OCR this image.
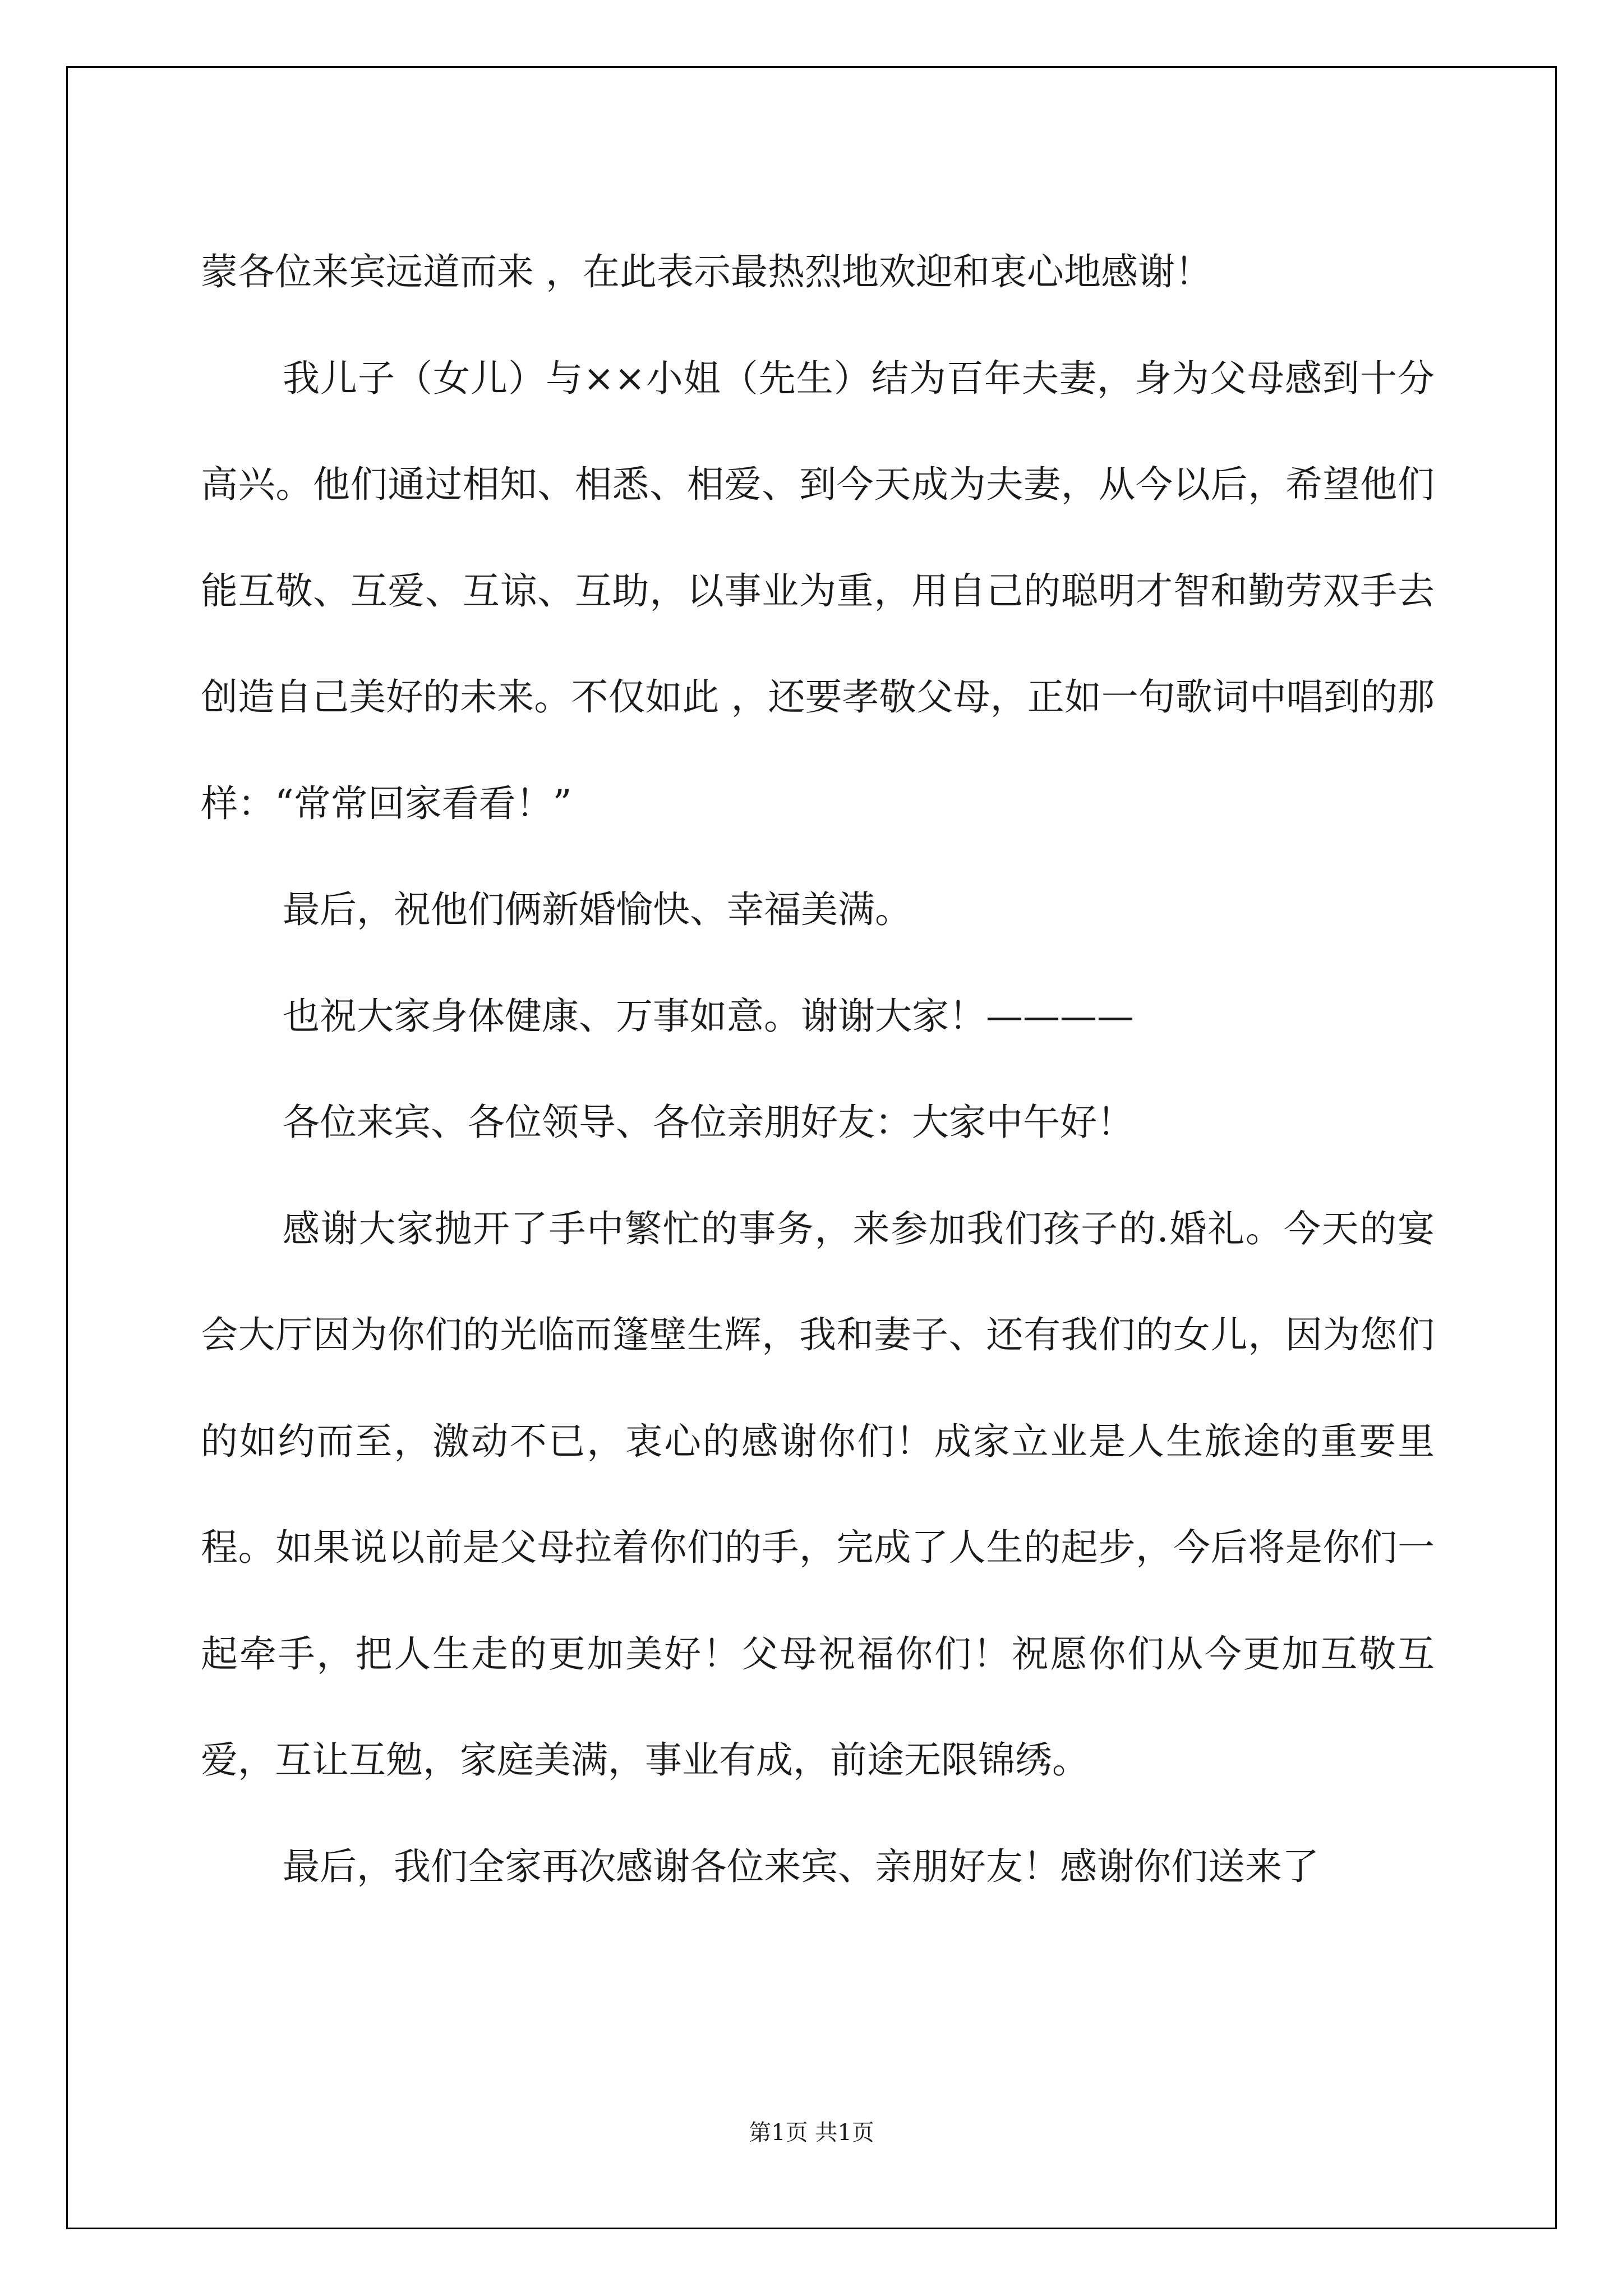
蒙各位来宾远道而来 ，在此表示最热烈地欢迎和衷心地感谢！

我儿子（女儿）与××小姐（先生）结为百年夫妻，身为父母感到十分高兴。他们通过相知、相悉、相爱、到今天成为夫妻，从今以后，希望他们能互敬、互爱、互谅、互助，以事业为重，用自己的聪明才智和勤劳双手去创造自己美好的未来。不仅如此 ，还要孝敬父母，正如一句歌词中唱到的那样：“常常回家看看！”

最后，祝他们俩新婚愉快、幸福美满。

也祝大家身体健康、万事如意。谢谢大家！————

各位来宾、各位领导、各位亲朋好友：大家中午好！

感谢大家抛开了手中繁忙的事务，来参加我们孩子的.婚礼。今天的宴会大厅因为你们的光临而篷壁生辉，我和妻子、还有我们的女儿，因为您们的如约而至，激动不已，衷心的感谢你们！成家立业是人生旅途的重要里程。如果说以前是父母拉着你们的手，完成了人生的起步，今后将是你们一起牵手，把人生走的更加美好！父母祝福你们！祝愿你们从今更加互敬互爱，互让互勉，家庭美满，事业有成，前途无限锦绣。

最后，我们全家再次感谢各位来宾、亲朋好友！感谢你们送来了

第1页 共1页
